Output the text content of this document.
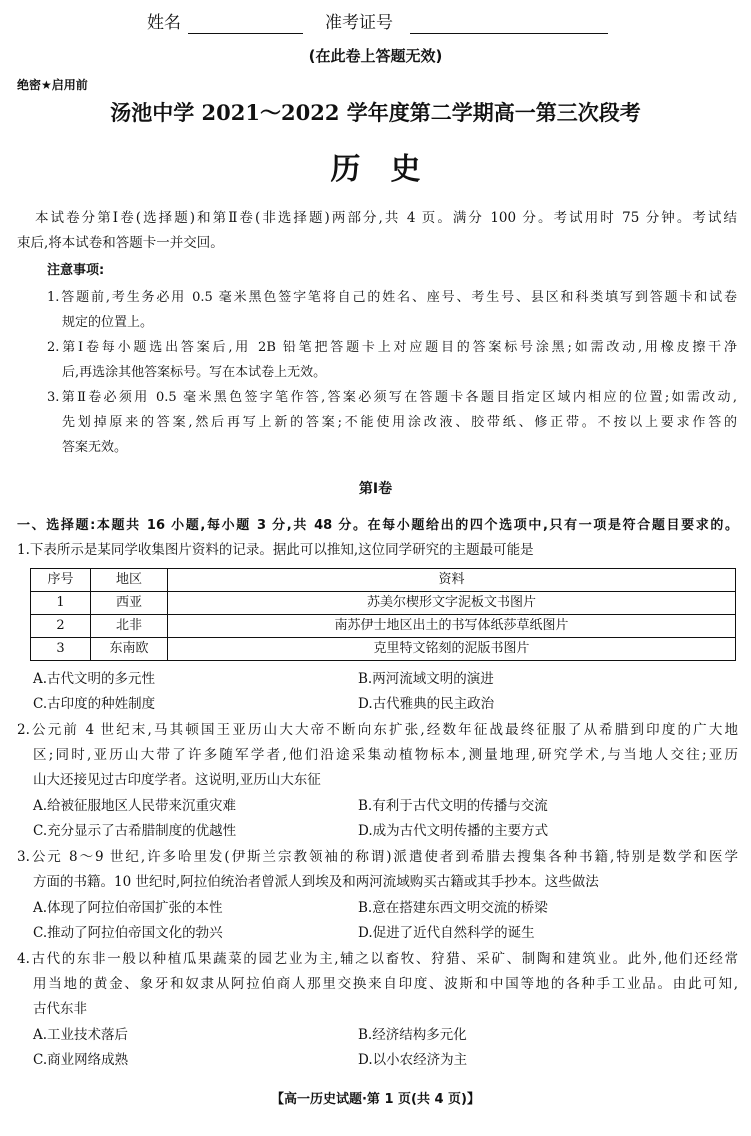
姓名	准考证号
(在此卷上答题无效)
绝密★启用前
汤池中学 2021～2022 学年度第二学期高一第三次段考
历　史
本试卷分第Ⅰ卷(选择题)和第Ⅱ卷(非选择题)两部分,共 4 页。满分 100 分。考试用时 75 分钟。考试结
束后,将本试卷和答题卡一并交回。
注意事项:
1.答题前,考生务必用 0.5 毫米黑色签字笔将自己的姓名、座号、考生号、县区和科类填写到答题卡和试卷
规定的位置上。
2.第Ⅰ卷每小题选出答案后,用 2B 铅笔把答题卡上对应题目的答案标号涂黑;如需改动,用橡皮擦干净
后,再选涂其他答案标号。写在本试卷上无效。
3.第Ⅱ卷必须用 0.5 毫米黑色签字笔作答,答案必须写在答题卡各题目指定区域内相应的位置;如需改动,
先划掉原来的答案,然后再写上新的答案;不能使用涂改液、胶带纸、修正带。不按以上要求作答的
答案无效。
第Ⅰ卷
一、选择题:本题共 16 小题,每小题 3 分,共 48 分。在每小题给出的四个选项中,只有一项是符合题目要求的。
1.下表所示是某同学收集图片资料的记录。据此可以推知,这位同学研究的主题最可能是
序号	地区	资料
1	西亚	苏美尔楔形文字泥板文书图片
2	北非	南苏伊士地区出土的书写体纸莎草纸图片
3	东南欧	克里特文铭刻的泥版书图片
A.古代文明的多元性	B.两河流域文明的演进
C.古印度的种姓制度	D.古代雅典的民主政治
2.公元前 4 世纪末,马其顿国王亚历山大大帝不断向东扩张,经数年征战最终征服了从希腊到印度的广大地
区;同时,亚历山大带了许多随军学者,他们沿途采集动植物标本,测量地理,研究学术,与当地人交往;亚历
山大还接见过古印度学者。这说明,亚历山大东征
A.给被征服地区人民带来沉重灾难	B.有利于古代文明的传播与交流
C.充分显示了古希腊制度的优越性	D.成为古代文明传播的主要方式
3.公元 8～9 世纪,许多哈里发(伊斯兰宗教领袖的称谓)派遣使者到希腊去搜集各种书籍,特别是数学和医学
方面的书籍。10 世纪时,阿拉伯统治者曾派人到埃及和两河流域购买古籍或其手抄本。这些做法
A.体现了阿拉伯帝国扩张的本性	B.意在搭建东西文明交流的桥梁
C.推动了阿拉伯帝国文化的勃兴	D.促进了近代自然科学的诞生
4.古代的东非一般以种植瓜果蔬菜的园艺业为主,辅之以畜牧、狩猎、采矿、制陶和建筑业。此外,他们还经常
用当地的黄金、象牙和奴隶从阿拉伯商人那里交换来自印度、波斯和中国等地的各种手工业品。由此可知,
古代东非
A.工业技术落后	B.经济结构多元化
C.商业网络成熟	D.以小农经济为主
【高一历史试题·第 1 页(共 4 页)】
